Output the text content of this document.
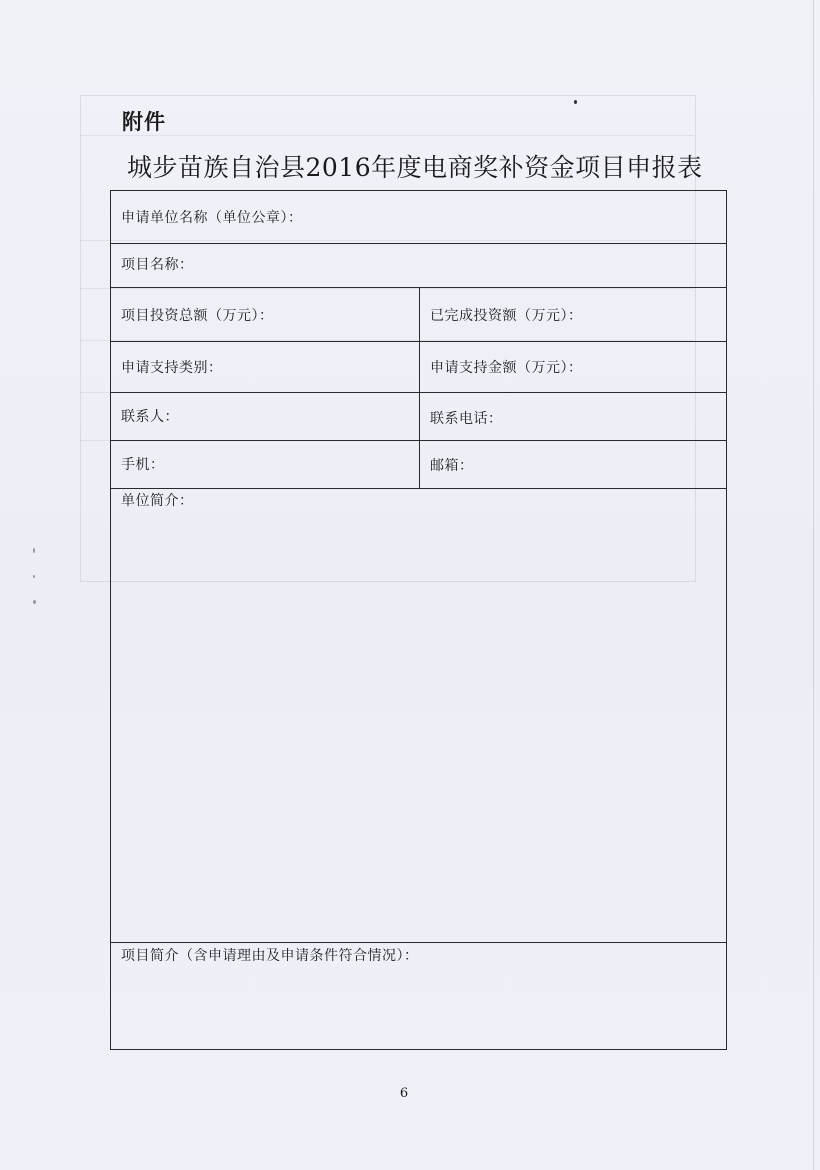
附件
城步苗族自治县2016年度电商奖补资金项目申报表
申请单位名称（单位公章）：
项目名称：
项目投资总额（万元）：	已完成投资额（万元）：
申请支持类别：	申请支持金额（万元）：
联系人：	联系电话：
手机：	邮箱：
单位简介：
项目简介（含申请理由及申请条件符合情况）：
6
